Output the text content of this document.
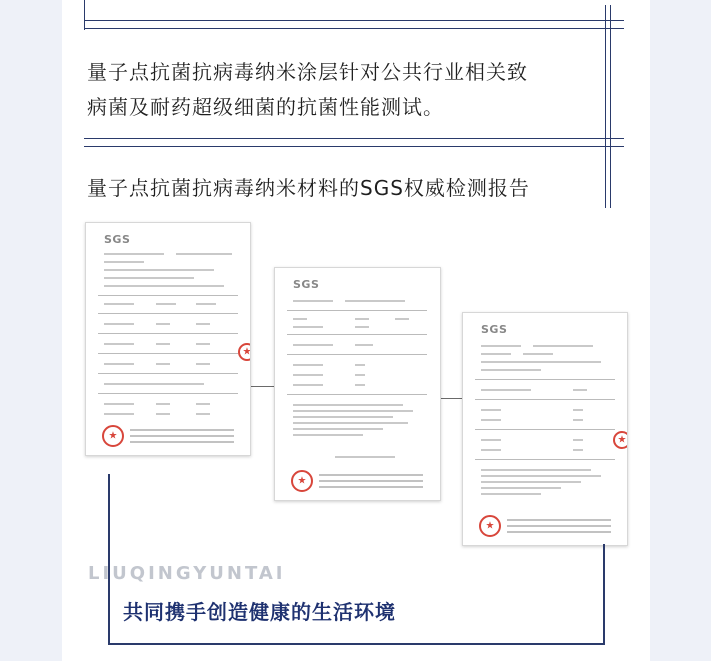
量子点抗菌抗病毒纳米涂层针对公共行业相关致
病菌及耐药超级细菌的抗菌性能测试。
量子点抗菌抗病毒纳米材料的SGS权威检测报告
SGS
★
★
SGS
★
SGS
★
★
LIUQINGYUNTAI
共同携手创造健康的生活环境
